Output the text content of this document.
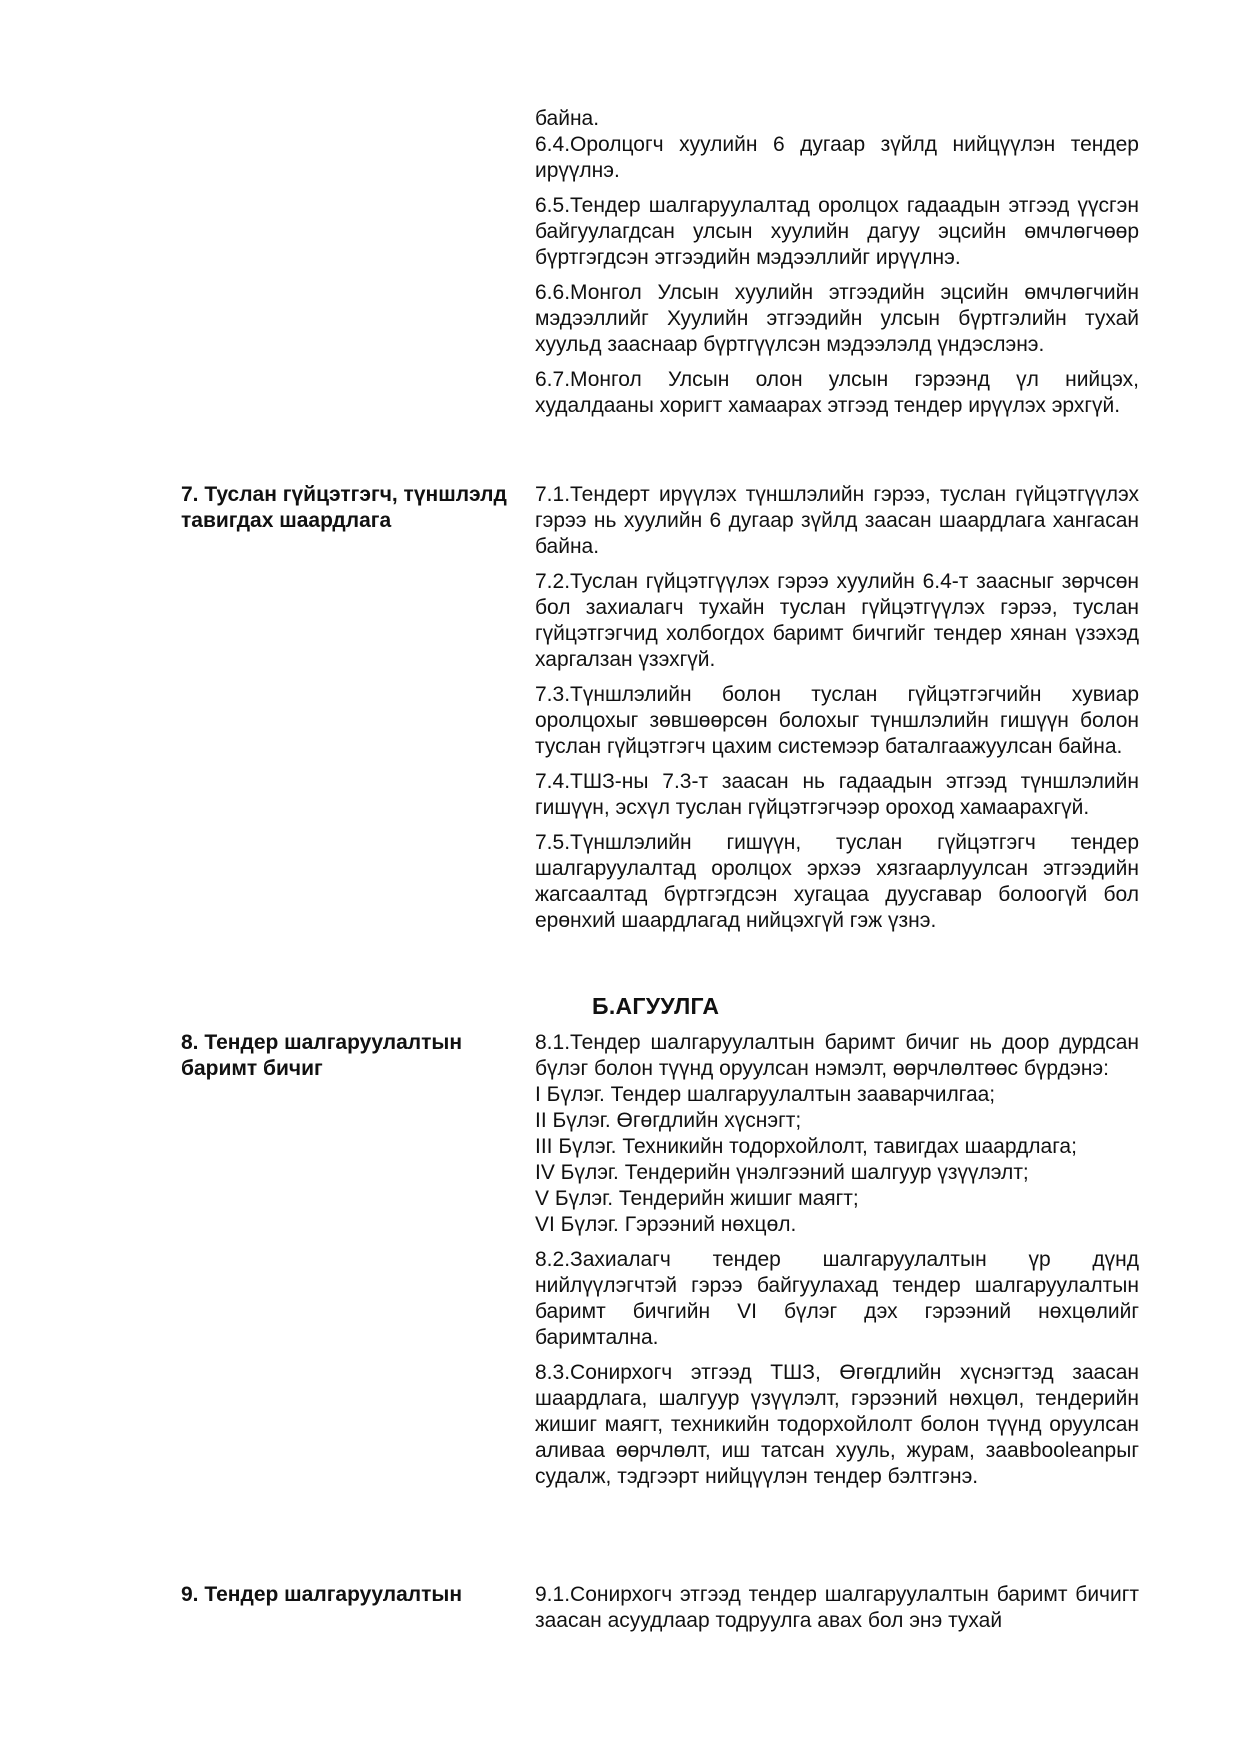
байна.

6.4.Оролцогч хуулийн 6 дугаар зүйлд нийцүүлэн тендер ирүүлнэ.

6.5.Тендер шалгаруулалтад оролцох гадаадын этгээд үүсгэн байгуулагдсан улсын хуулийн дагуу эцсийн өмчлөгчөөр бүртгэгдсэн этгээдийн мэдээллийг ирүүлнэ.

6.6.Монгол Улсын хуулийн этгээдийн эцсийн өмчлөгчийн мэдээллийг Хуулийн этгээдийн улсын бүртгэлийн тухай хуульд зааснаар бүртгүүлсэн мэдээлэлд үндэслэнэ.

6.7.Монгол Улсын олон улсын гэрээнд үл нийцэх, худалдааны хоригт хамаарах этгээд тендер ирүүлэх эрхгүй.

7. Туслан гүйцэтгэгч, түншлэлд тавигдах шаардлага

7.1.Тендерт ирүүлэх түншлэлийн гэрээ, туслан гүйцэтгүүлэх гэрээ нь хуулийн 6 дугаар зүйлд заасан шаардлага хангасан байна.

7.2.Туслан гүйцэтгүүлэх гэрээ хуулийн 6.4-т заасныг зөрчсөн бол захиалагч тухайн туслан гүйцэтгүүлэх гэрээ, туслан гүйцэтгэгчид холбогдох баримт бичгийг тендер хянан үзэхэд харгалзан үзэхгүй.

7.3.Түншлэлийн болон туслан гүйцэтгэгчийн хувиар оролцохыг зөвшөөрсөн болохыг түншлэлийн гишүүн болон туслан гүйцэтгэгч цахим системээр баталгаажуулсан байна.

7.4.ТШЗ-ны 7.3-т заасан нь гадаадын этгээд түншлэлийн гишүүн, эсхүл туслан гүйцэтгэгчээр ороход хамаарахгүй.

7.5.Түншлэлийн гишүүн, туслан гүйцэтгэгч тендер шалгаруулалтад оролцох эрхээ хязгаарлуулсан этгээдийн жагсаалтад бүртгэгдсэн хугацаа дуусгавар болоогүй бол ерөнхий шаардлагад нийцэхгүй гэж үзнэ.

Б.АГУУЛГА
8. Тендер шалгаруулалтын баримт бичиг

8.1.Тендер шалгаруулалтын баримт бичиг нь доор дурдсан бүлэг болон түүнд оруулсан нэмэлт, өөрчлөлтөөс бүрдэнэ:

I Бүлэг. Тендер шалгаруулалтын зааварчилгаа;
II Бүлэг. Өгөгдлийн хүснэгт;
III Бүлэг. Техникийн тодорхойлолт, тавигдах шаардлага;
IV Бүлэг. Тендерийн үнэлгээний шалгуур үзүүлэлт;
V Бүлэг. Тендерийн жишиг маягт;
VI Бүлэг. Гэрээний нөхцөл.

8.2.Захиалагч тендер шалгаруулалтын үр дүнд нийлүүлэгчтэй гэрээ байгуулахад тендер шалгаруулалтын баримт бичгийн VI бүлэг дэх гэрээний нөхцөлийг баримтална.

8.3.Сонирхогч этгээд ТШЗ, Өгөгдлийн хүснэгтэд заасан шаардлага, шалгуур үзүүлэлт, гэрээний нөхцөл, тендерийн жишиг маягт, техникийн тодорхойлолт болон түүнд оруулсан аливаа өөрчлөлт, иш татсан хууль, журам, заавbooleanрыг судалж, тэдгээрт нийцүүлэн тендер бэлтгэнэ.

9. Тендер шалгаруулалтын	9.1.Сонирхогч этгээд тендер шалгаруулалтын баримт бичигт заасан асуудлаар тодруулга авах бол энэ тухай
